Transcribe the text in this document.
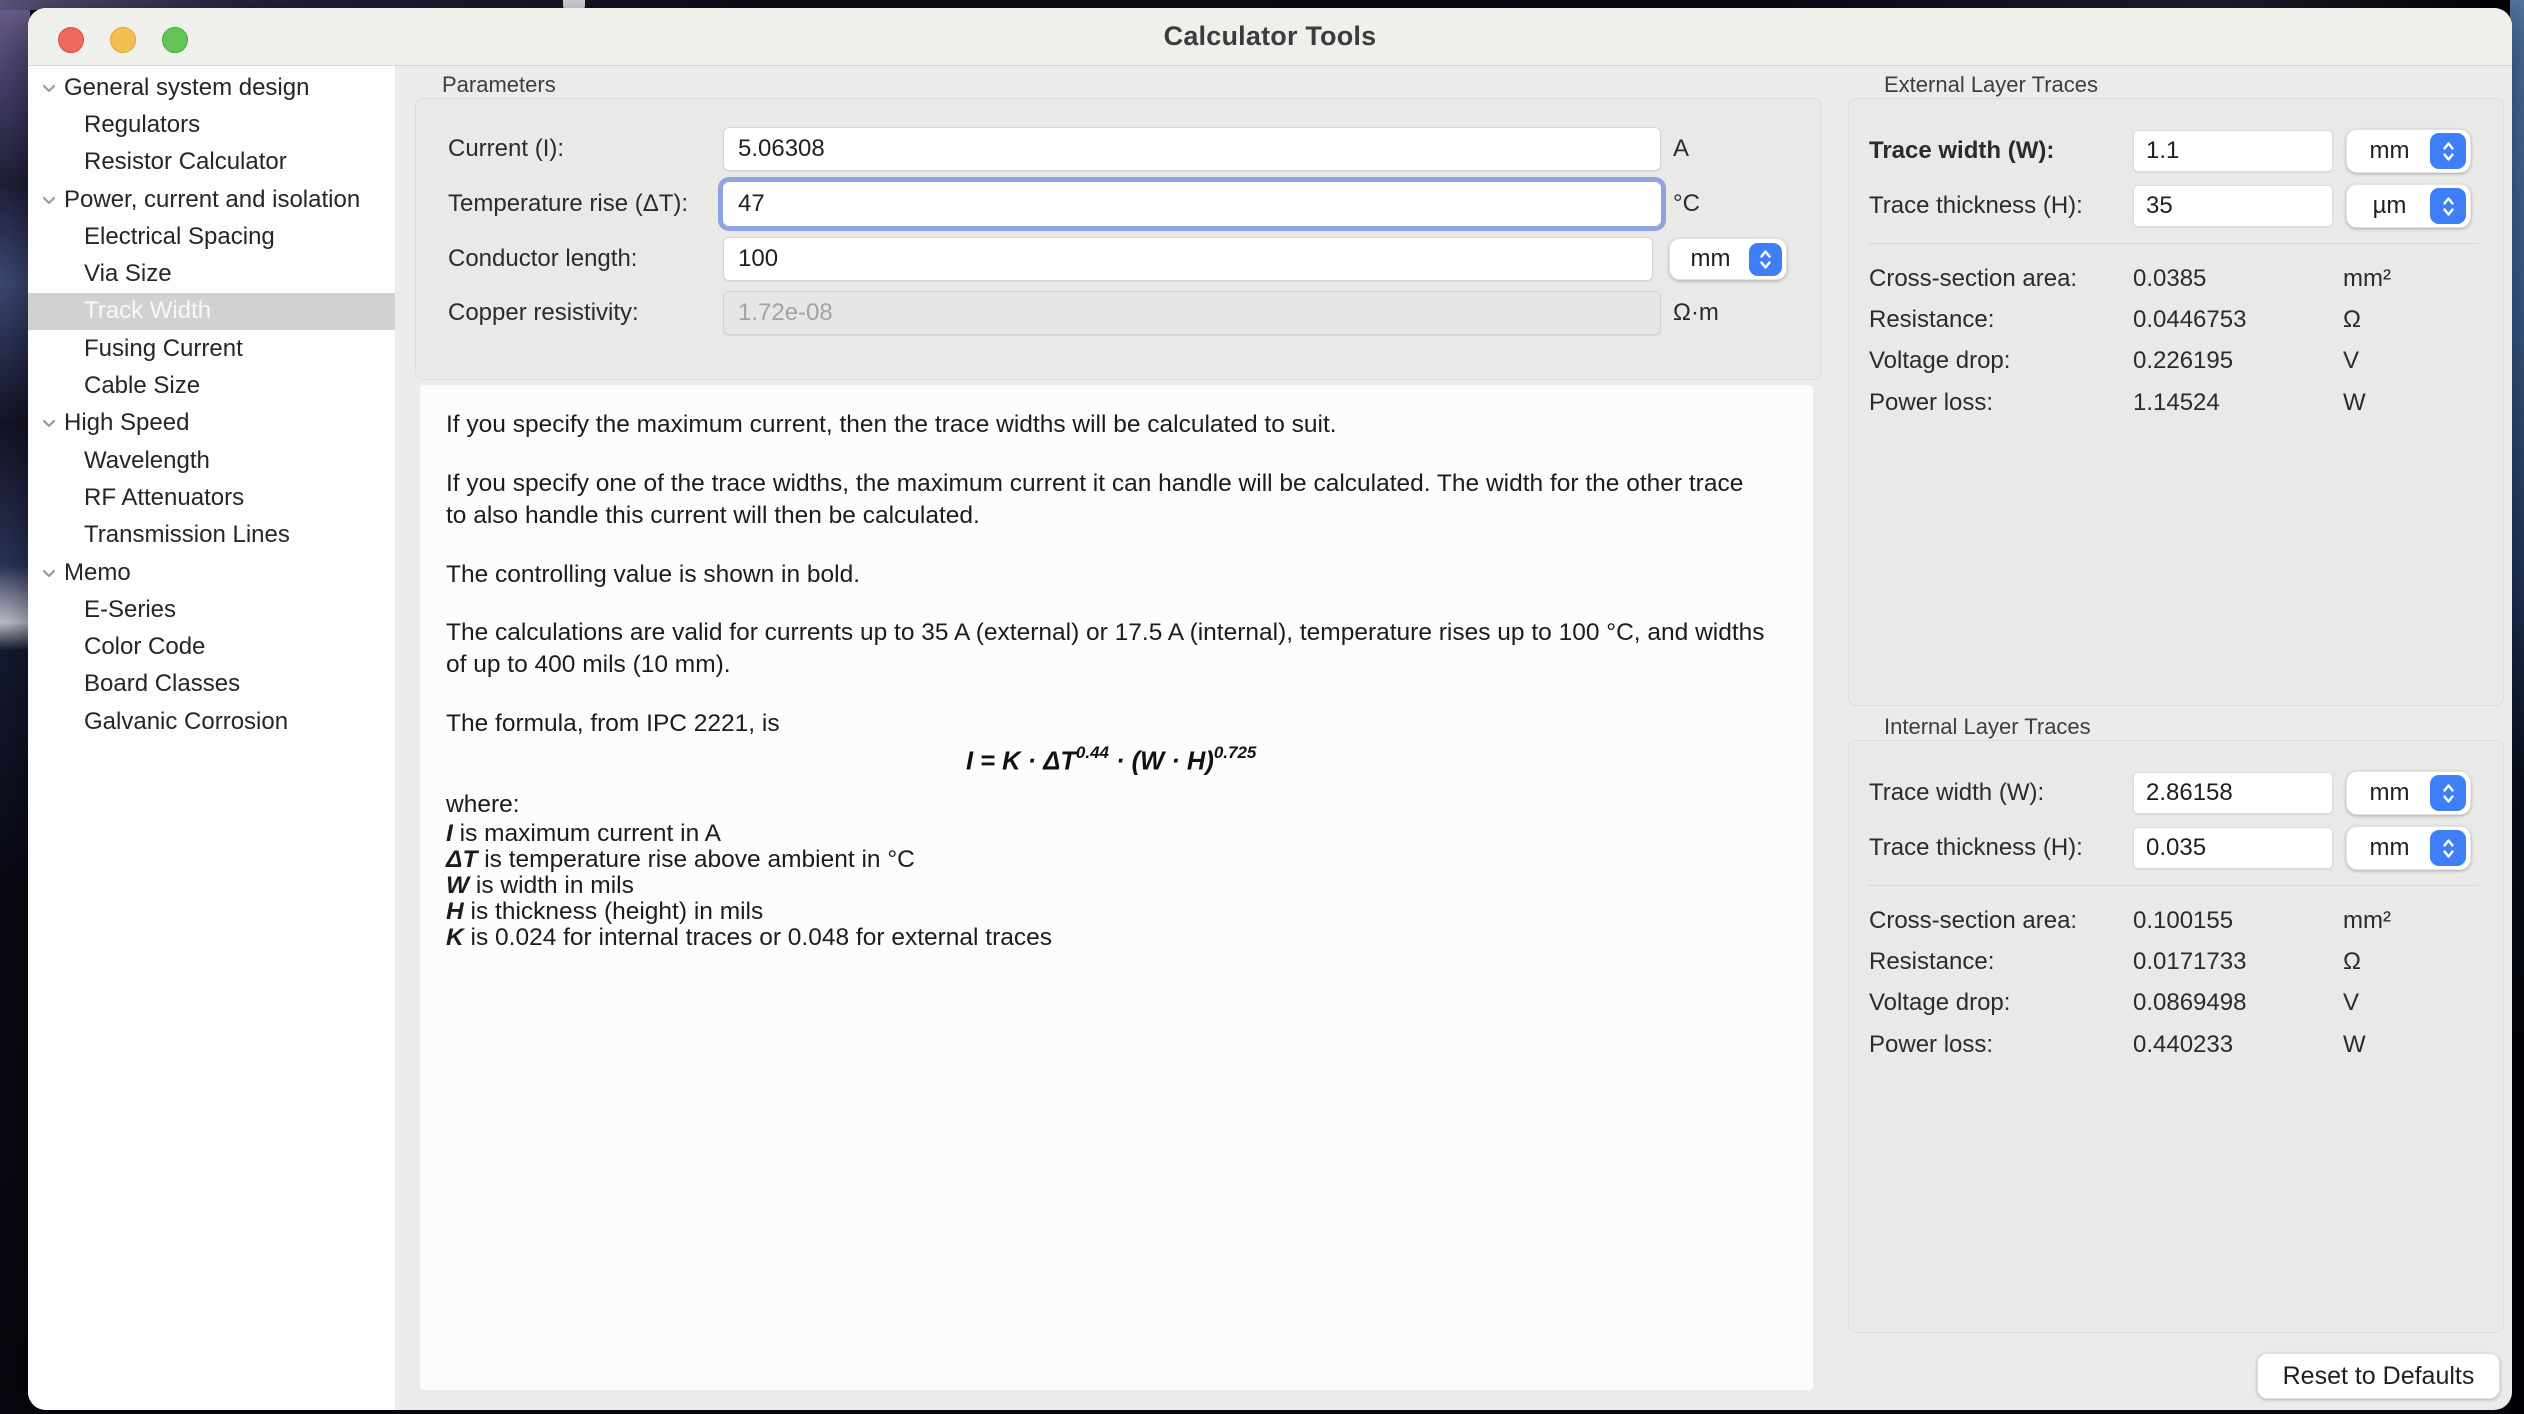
Calculator Tools
General system design
Regulators
Resistor Calculator
Power, current and isolation
Electrical Spacing
Via Size
Track Width
Fusing Current
Cable Size
High Speed
Wavelength
RF Attenuators
Transmission Lines
Memo
E-Series
Color Code
Board Classes
Galvanic Corrosion
Parameters
Current (I):
5.06308	A
Temperature rise (ΔT):
47	°C
Conductor length:
100	mm
Copper resistivity:
1.72e-08	Ω·m

If you specify the maximum current, then the trace widths will be calculated to suit.

If you specify one of the trace widths, the maximum current it can handle will be calculated. The width for the other trace to also handle this current will then be calculated.

The controlling value is shown in bold.

The calculations are valid for currents up to 35 A (external) or 17.5 A (internal), temperature rises up to 100 °C, and widths of up to 400 mils (10 mm).

The formula, from IPC 2221, is

$I = K \cdot \Delta T^{0.44} \cdot (W \cdot H)^{0.725}$
where:
I is maximum current in A
ΔT is temperature rise above ambient in °C
W is width in mils
H is thickness (height) in mils
K is 0.024 for internal traces or 0.048 for external traces
External Layer Traces
Trace width (W):
1.1	mm
Trace thickness (H):
35	µm
Cross-section area:	0.0385	mm²
Resistance:	0.0446753	Ω
Voltage drop:	0.226195	V
Power loss:	1.14524	W
Internal Layer Traces
Trace width (W):
2.86158	mm
Trace thickness (H):
0.035	mm
Cross-section area:	0.100155	mm²
Resistance:	0.0171733	Ω
Voltage drop:	0.0869498	V
Power loss:	0.440233	W
Reset to Defaults
